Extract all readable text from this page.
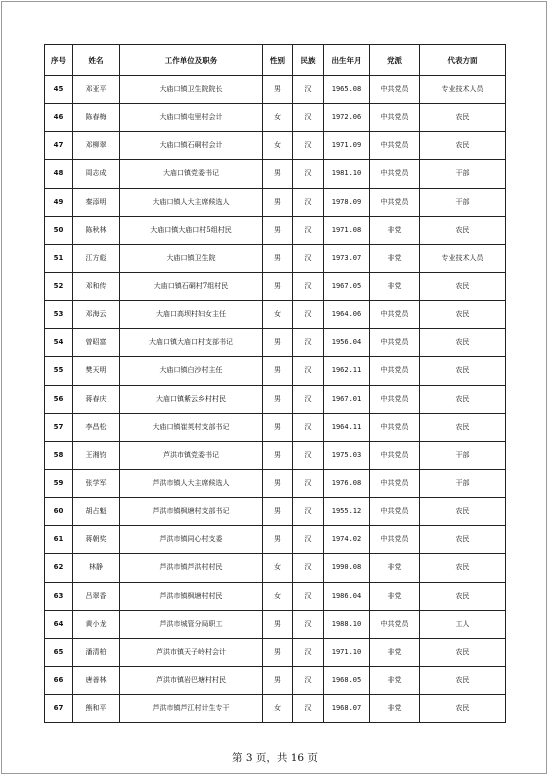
序号	姓名	工作单位及职务	性别	民族	出生年月	党派	代表方面
45	邓亚平	大庙口镇卫生院院长	男	汉	1965.08	中共党员	专业技术人员
46	陈春梅	大庙口镇屯里村会计	女	汉	1972.06	中共党员	农民
47	邓柳翠	大庙口镇石硐村会计	女	汉	1971.09	中共党员	农民
48	周志成	大庙口镇党委书记	男	汉	1981.10	中共党员	干部
49	秦添明	大庙口镇人大主席候选人	男	汉	1978.09	中共党员	干部
50	陈秋林	大庙口镇大庙口村5组村民	男	汉	1971.08	非党	农民
51	江方彪	大庙口镇卫生院	男	汉	1973.07	非党	专业技术人员
52	邓和传	大庙口镇石硐村7组村民	男	汉	1967.05	非党	农民
53	邓海云	大庙口高坝村妇女主任	女	汉	1964.06	中共党员	农民
54	曾昭富	大庙口镇大庙口村支部书记	男	汉	1956.04	中共党员	农民
55	樊天明	大庙口镇白沙村主任	男	汉	1962.11	中共党员	农民
56	蒋春庆	大庙口镇紫云乡村村民	男	汉	1967.01	中共党员	农民
57	李昌松	大庙口镇崔英村支部书记	男	汉	1964.11	中共党员	农民
58	王湘钧	芦洪市镇党委书记	男	汉	1975.03	中共党员	干部
59	张学军	芦洪市镇人大主席候选人	男	汉	1976.08	中共党员	干部
60	胡占魁	芦洪市镇枫塘村支部书记	男	汉	1955.12	中共党员	农民
61	蒋朝奖	芦洪市镇同心村支委	男	汉	1974.02	中共党员	农民
62	林静	芦洪市镇芦洪村村民	女	汉	1990.08	非党	农民
63	吕翠香	芦洪市镇枫塘村村民	女	汉	1986.04	非党	农民
64	黄小龙	芦洪市城管分局职工	男	汉	1988.10	中共党员	工人
65	潘清柏	芦洪市镇天子岭村会计	男	汉	1971.10	非党	农民
66	唐善林	芦洪市镇岩巴塘村村民	男	汉	1968.05	非党	农民
67	熊和平	芦洪市镇芦江村计生专干	女	汉	1968.07	非党	农民
第 3 页，共 16 页
